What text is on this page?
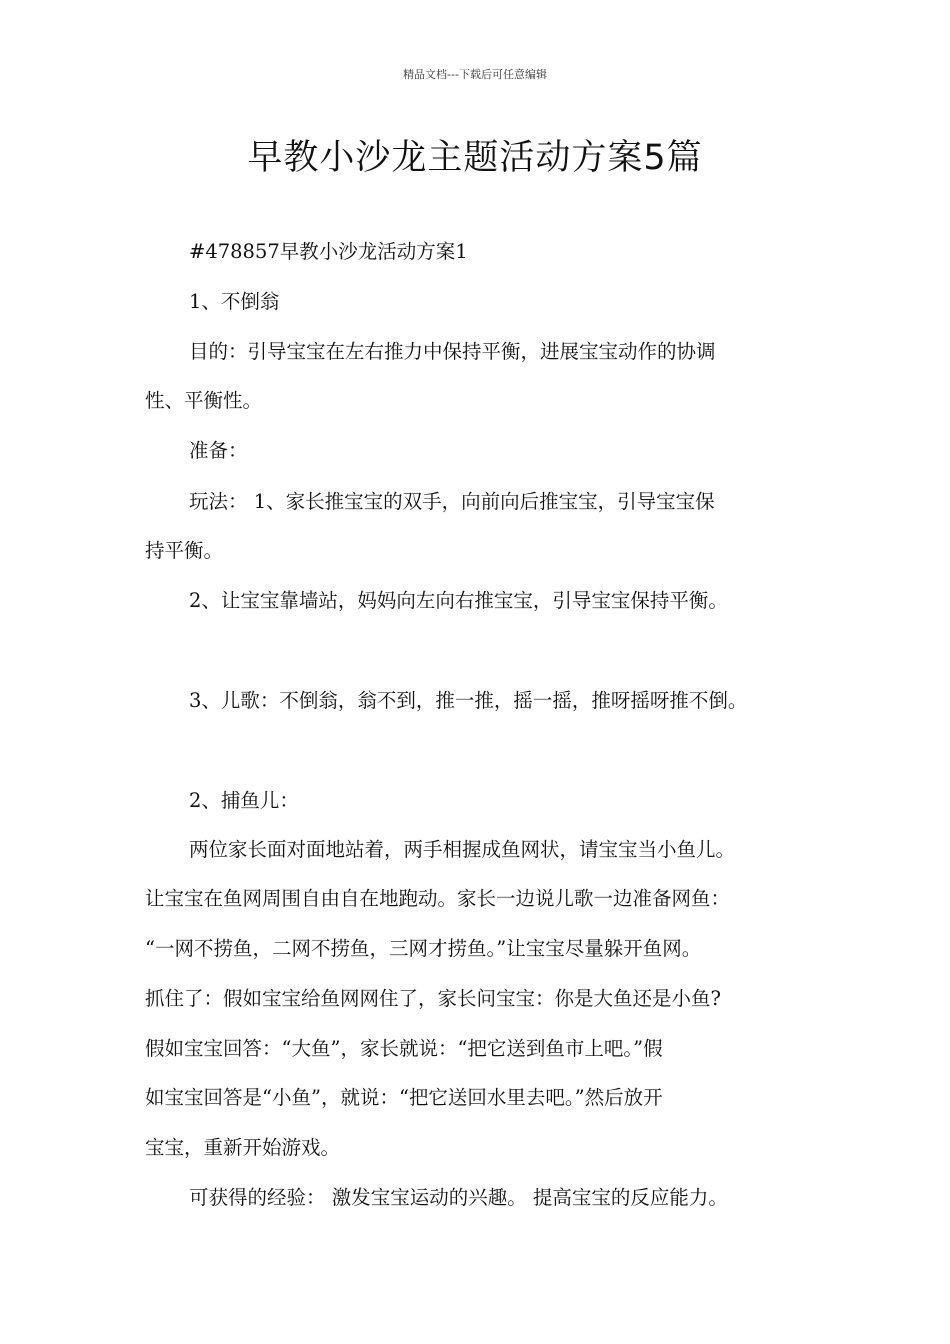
精品文档---下载后可任意编辑
早教小沙龙主题活动方案5篇
#478857早教小沙龙活动方案1
1、不倒翁
目的：引导宝宝在左右推力中保持平衡，进展宝宝动作的协调
性、平衡性。
准备：
玩法： 1、家长推宝宝的双手，向前向后推宝宝，引导宝宝保
持平衡。
2、让宝宝靠墙站，妈妈向左向右推宝宝，引导宝宝保持平衡。
3、儿歌：不倒翁，翁不到，推一推，摇一摇，推呀摇呀推不倒。
2、捕鱼儿：
两位家长面对面地站着，两手相握成鱼网状，请宝宝当小鱼儿。
让宝宝在鱼网周围自由自在地跑动。家长一边说儿歌一边准备网鱼：
“一网不捞鱼，二网不捞鱼，三网才捞鱼。”让宝宝尽量躲开鱼网。
抓住了：假如宝宝给鱼网网住了，家长问宝宝：你是大鱼还是小鱼?
假如宝宝回答：“大鱼”，家长就说：“把它送到鱼市上吧。”假
如宝宝回答是“小鱼”，就说：“把它送回水里去吧。”然后放开
宝宝，重新开始游戏。
可获得的经验： 激发宝宝运动的兴趣。 提高宝宝的反应能力。
